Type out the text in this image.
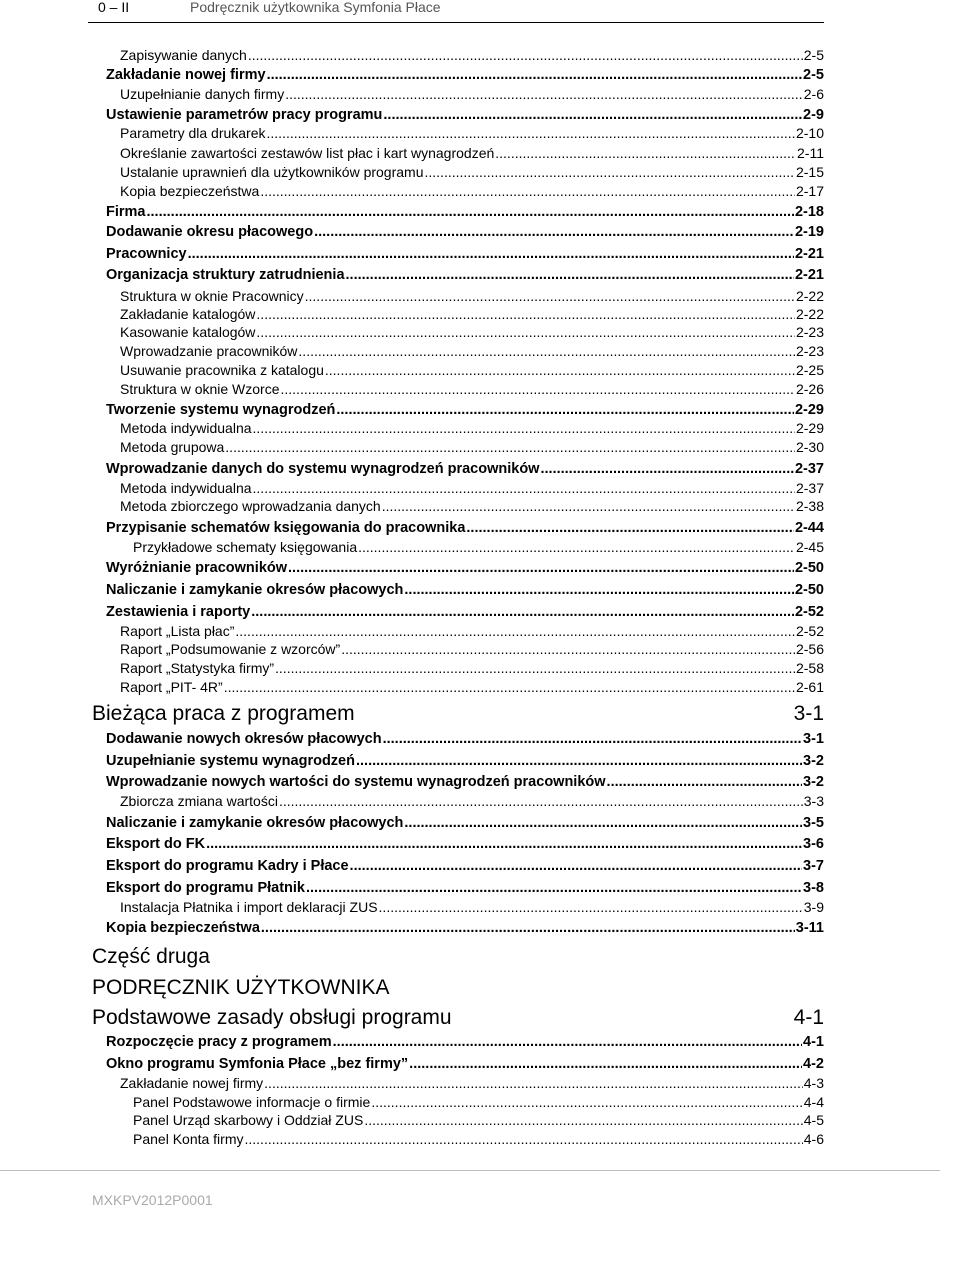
0 – II	Podręcznik użytkownika Symfonia Płace
Zapisywanie danych .....	2-5
Zakładanie nowej firmy .....	2-5
Uzupełnianie danych firmy .....	2-6
Ustawienie parametrów pracy programu .....	2-9
Parametry dla drukarek .....	2-10
Określanie zawartości zestawów list płac i kart wynagrodzeń .....	2-11
Ustalanie uprawnień dla użytkowników programu .....	2-15
Kopia bezpieczeństwa .....	2-17
Firma .....	2-18
Dodawanie okresu płacowego .....	2-19
Pracownicy .....	2-21
Organizacja struktury zatrudnienia .....	2-21
Struktura w oknie Pracownicy .....	2-22
Zakładanie katalogów .....	2-22
Kasowanie katalogów .....	2-23
Wprowadzanie pracowników .....	2-23
Usuwanie pracownika z katalogu .....	2-25
Struktura w oknie Wzorce .....	2-26
Tworzenie systemu wynagrodzeń .....	2-29
Metoda indywidualna .....	2-29
Metoda grupowa .....	2-30
Wprowadzanie danych do systemu wynagrodzeń pracowników .....	2-37
Metoda indywidualna .....	2-37
Metoda zbiorczego wprowadzania danych .....	2-38
Przypisanie schematów księgowania do pracownika .....	2-44
Przykładowe schematy księgowania .....	2-45
Wyróżnianie pracowników .....	2-50
Naliczanie i zamykanie okresów płacowych .....	2-50
Zestawienia i raporty .....	2-52
Raport „Lista płac” .....	2-52
Raport „Podsumowanie z wzorców” .....	2-56
Raport „Statystyka firmy” .....	2-58
Raport „PIT- 4R” .....	2-61
Bieżąca praca z programem	3-1
Dodawanie nowych okresów płacowych .....	3-1
Uzupełnianie systemu wynagrodzeń .....	3-2
Wprowadzanie nowych wartości do systemu wynagrodzeń pracowników .....	3-2
Zbiorcza zmiana wartości .....	3-3
Naliczanie i zamykanie okresów płacowych .....	3-5
Eksport do FK .....	3-6
Eksport do programu Kadry i Płace .....	3-7
Eksport do programu Płatnik .....	3-8
Instalacja Płatnika i import deklaracji ZUS .....	3-9
Kopia bezpieczeństwa .....	3-11
Część druga
PODRĘCZNIK UŻYTKOWNIKA
Podstawowe zasady obsługi programu	4-1
Rozpoczęcie pracy z programem .....	4-1
Okno programu Symfonia Płace „bez firmy” .....	4-2
Zakładanie nowej firmy .....	4-3
Panel Podstawowe informacje o firmie .....	4-4
Panel Urząd skarbowy i Oddział ZUS .....	4-5
Panel Konta firmy .....	4-6
MXKPV2012P0001
